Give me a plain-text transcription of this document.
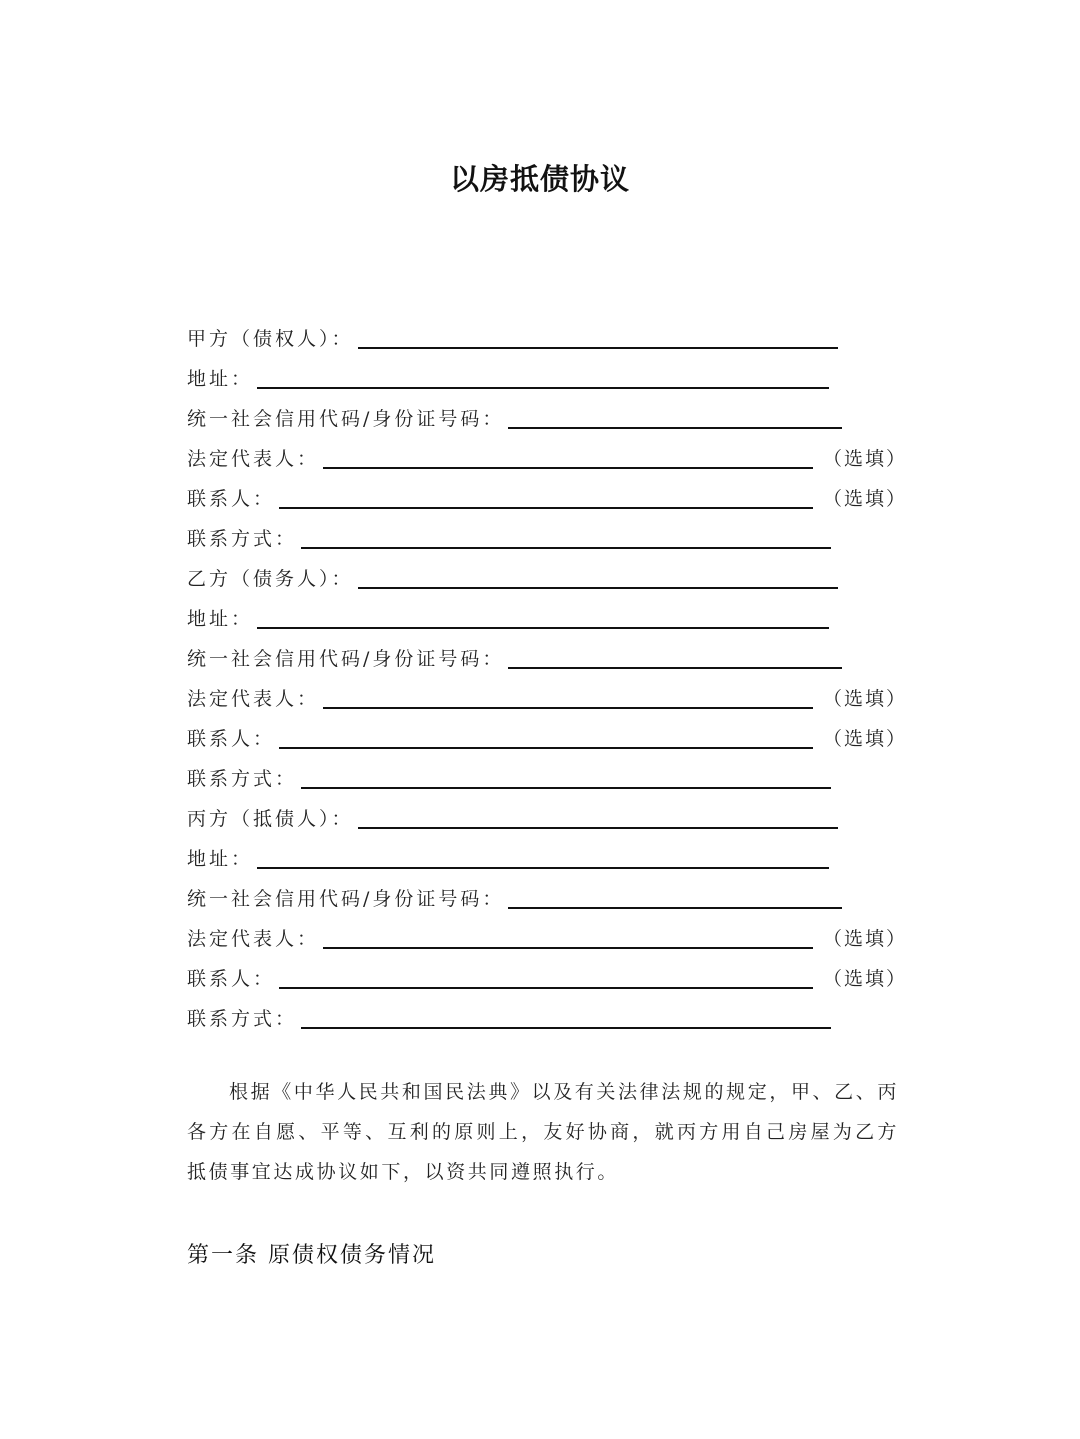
以房抵债协议
甲方（债权人）：
地址：
统一社会信用代码/身份证号码：
法定代表人：	（选填）
联系人：	（选填）
联系方式：
乙方（债务人）：
地址：
统一社会信用代码/身份证号码：
法定代表人：	（选填）
联系人：	（选填）
联系方式：
丙方（抵债人）：
地址：
统一社会信用代码/身份证号码：
法定代表人：	（选填）
联系人：	（选填）
联系方式：
根据《中华人民共和国民法典》以及有关法律法规的规定，甲、乙、丙各方在自愿、平等、互利的原则上，友好协商，就丙方用自己房屋为乙方抵债事宜达成协议如下，以资共同遵照执行。
第一条 原债权债务情况
